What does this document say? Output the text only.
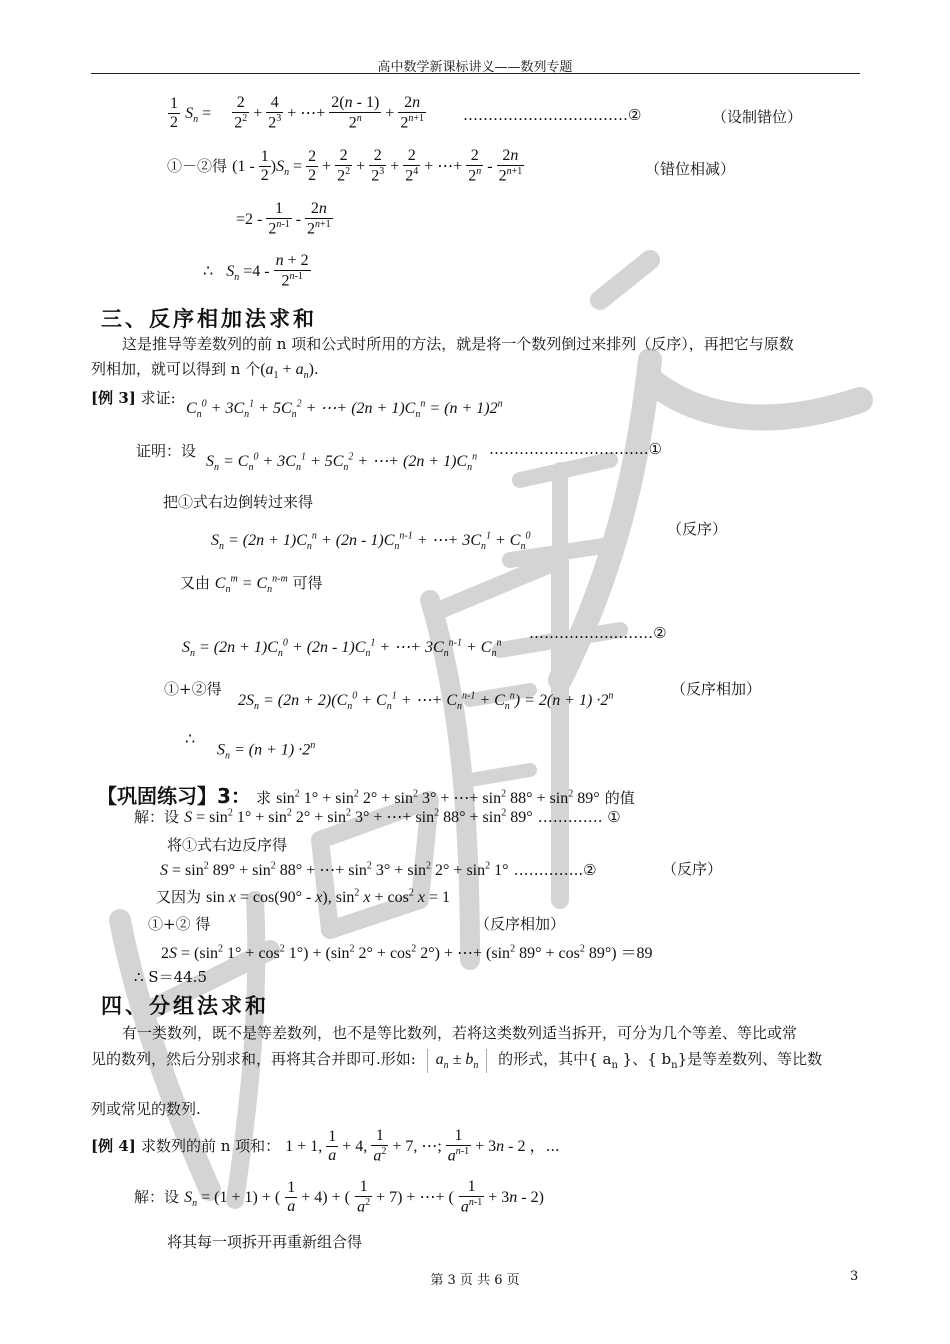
高中数学新课标讲义——数列专题
$\frac{1}{2} S_n = \frac{2}{2^2} + \frac{4}{2^3}$ + ⋯+ $\frac{2(n - 1)}{2^n} + \frac{2n}{2^{n+1}}$ ……………………………②	（设制错位）
①－②得 $(1 - \frac{1}{2} )S_n = \frac{2}{2} + \frac{2}{2^2} + \frac{2}{2^3} + \frac{2}{2^4}$ + ⋯+ $\frac{2}{2^n} - \frac{2n}{2^{n+1}}$	（错位相减）
$=2 - \frac{1}{2^{n-1}} - \frac{2n}{2^{n+1}}$
∴   $S_n =4 - \frac{n + 2}{2^{n-1}}$
三、反序相加法求和
这是推导等差数列的前 n 项和公式时所用的方法，就是将一个数列倒过来排列（反序），再把它与原数
列相加，就可以得到 n 个$(a_1 + a_n)$.
[例 3] 求证:
$C_n^0 + 3C_n^1 + 5C_n^2$ + ⋯+ $(2n + 1)C_n^n = (n + 1)2^n$
证明：设
$S_n = C_n^0 + 3C_n^1 + 5C_n^2$ + ⋯+ $(2n + 1)C_n^n$ …………………………..①
把①式右边倒转过来得
$S_n = (2n + 1)C_n^n + (2n - 1)C_n^{n-1}$ + ⋯+ $3C_n^1 + C_n^0$	（反序）
又由 $C_n^m = C_n^{n-m}$ 可得
$S_n = (2n + 1)C_n^0 + (2n - 1)C_n^1$ + ⋯+ $3C_n^{n-1} + C_n^n$
……………...…….②
①+②得
$2S_n = (2n + 2)(C_n^0 + C_n^1$ + ⋯+ $C_n^{n-1} + C_n^n) = 2(n + 1) \cdot 2^n$	（反序相加）
∴
$S_n = (n + 1) \cdot 2^n$
【巩固练习】3： 求 $\sin^2 1^\circ + \sin^2 2^\circ + \sin^2 3^\circ$ + ⋯+ $\sin^2 88^\circ + \sin^2 89^\circ$ 的值
解：设 $S = \sin^2 1^\circ + \sin^2 2^\circ + \sin^2 3^\circ$ + ⋯+ $\sin^2 88^\circ + \sin^2 89^\circ$ …………. ①
将①式右边反序得
$S = \sin^2 89^\circ + \sin^2 88^\circ$ + ⋯+ $\sin^2 3^\circ + \sin^2 2^\circ + \sin^2 1^\circ$ …………..②	（反序）
又因为 sin x = cos(90° - x), $\sin^2 x + \cos^2 x = 1$
①+② 得	（反序相加）
$2S = (\sin^2$ $1^\circ + \cos^2 1^\circ) + (\sin^2$ $2^\circ + \cos^2 2^\circ$) + ⋯+ ($\sin^2$ $89^\circ + \cos^2 89^\circ) =89$
∴ S＝44.5
四、分组法求和
有一类数列，既不是等差数列，也不是等比数列，若将这类数列适当拆开，可分为几个等差、等比或常
见的数列，然后分别求和，再将其合并即可.形如: $a_n \pm b_n$ 的形式，其中{ $a_n$ }、{ $b_n$}是等差数列、等比数
列或常见的数列.
[例 4] 求数列的前 n 项和： 1 + 1, $\frac{1}{a} + 4$, $\frac{1}{a^2} + 7$, ⋯; $\frac{1}{a^{n-1}} + 3n - 2$ ，⋯
解：设 $S_n = (1 + 1)$ + ( $\frac{1}{a} + 4$) + ( $\frac{1}{a^2} + 7$) + ⋯+ ( $\frac{1}{a^{n-1}} + 3n - 2$)
将其每一项拆开再重新组合得
第 3 页 共 6 页	3
